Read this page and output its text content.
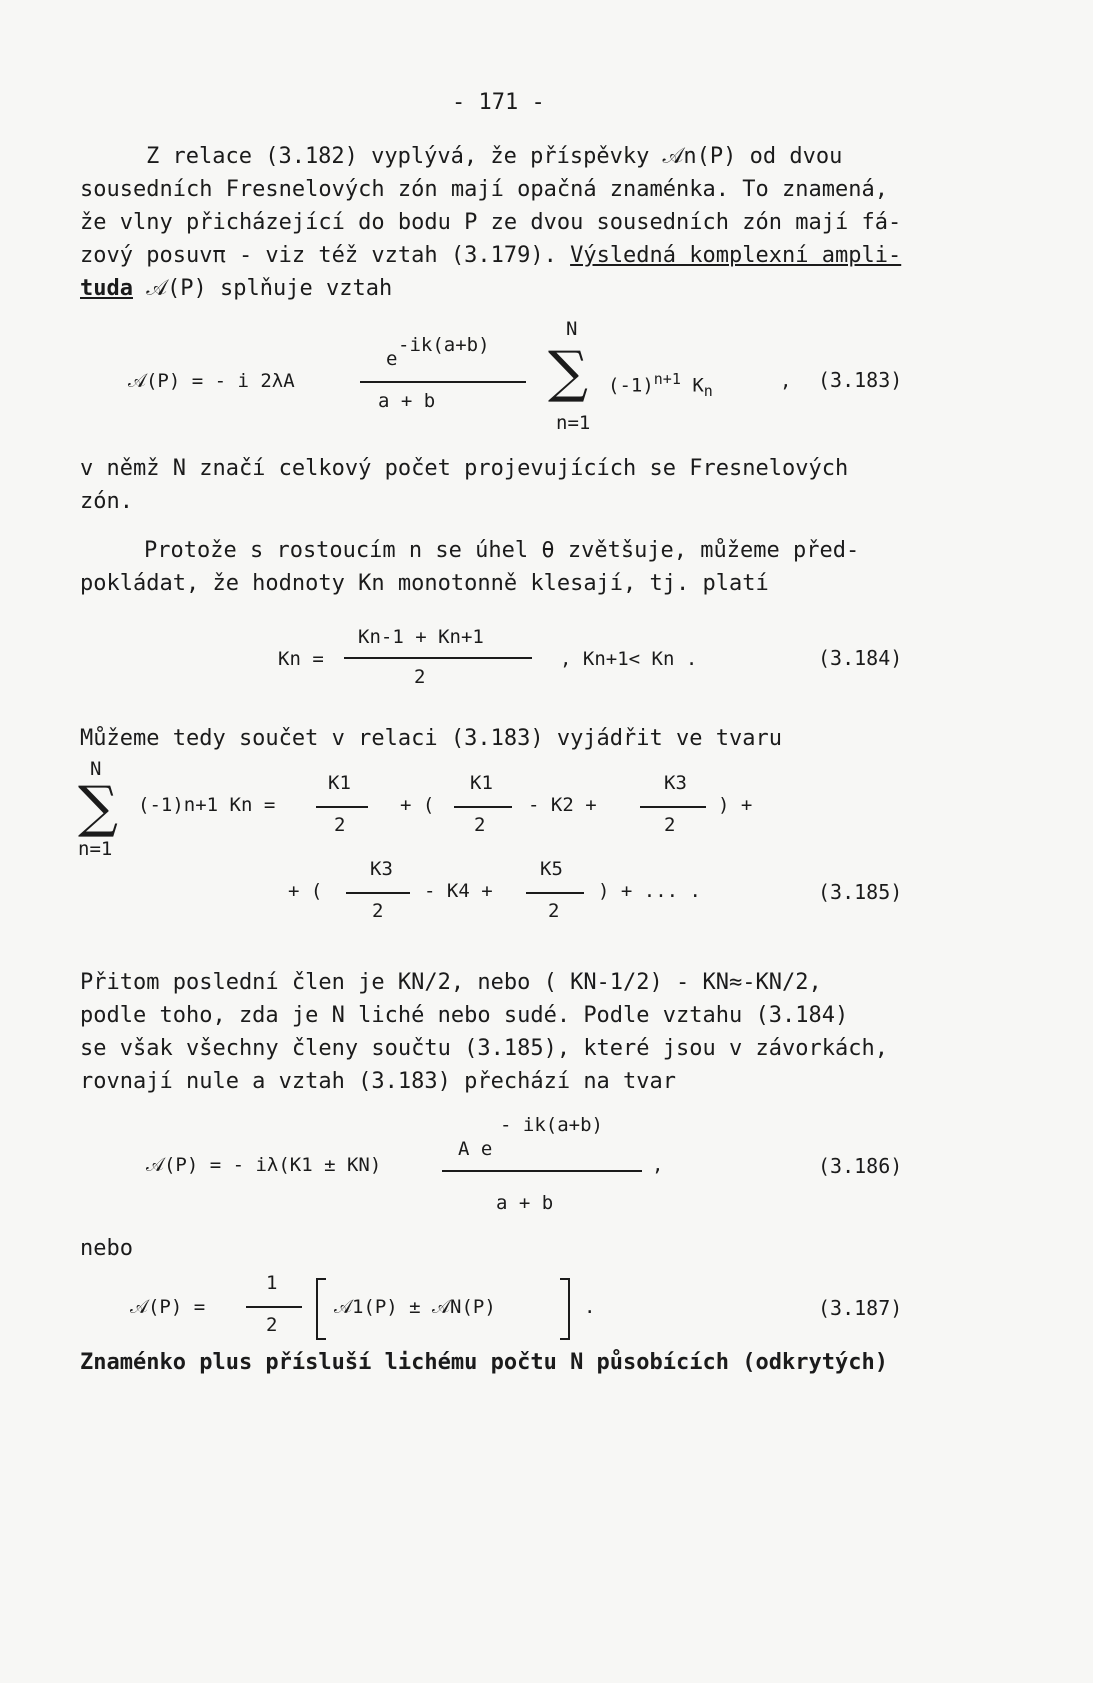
- 171 -
Z relace (3.182) vyplývá, že příspěvky 𝒜n(P) od dvou
sousedních Fresnelových zón mají opačná znaménka. To znamená,
že vlny přicházející do bodu P ze dvou sousedních zón mají fá-
zový posuvπ - viz též vztah (3.179). Výsledná komplexní ampli-
tuda 𝒜(P) splňuje vztah
𝒜(P) = - i 2λA
e
-ik(a+b)
a + b
N
∑
n=1
$(-1)^{n+1}$ $K_n$	, (3.183)
v němž N značí celkový počet projevujících se Fresnelových
zón.
Protože s rostoucím n se úhel θ zvětšuje, můžeme před-
pokládat, že hodnoty Kn monotonně klesají, tj. platí
Kn =
Kn-1 + Kn+1
2
, Kn+1< Kn .	(3.184)
Můžeme tedy součet v relaci (3.183) vyjádřit ve tvaru
N
∑
n=1
(-1)n+1 Kn =
K1
2
+ (
K1
2
- K2 +
K3
2
) +
+ (
K3
2
- K4 +
K5
2
) + ... .	(3.185)
Přitom poslední člen je KN/2, nebo ( KN-1/2) - KN≈-KN/2,
podle toho, zda je N liché nebo sudé. Podle vztahu (3.184)
se však všechny členy součtu (3.185), které jsou v závorkách,
rovnají nule a vztah (3.183) přechází na tvar
𝒜(P) = - iλ(K1 ± KN)
- ik(a+b)
A e
a + b
,	(3.186)
nebo
𝒜(P) =
1
2
𝒜1(P) ± 𝒜N(P)	.	(3.187)
Znaménko plus přísluší lichému počtu N působících (odkrytých)
